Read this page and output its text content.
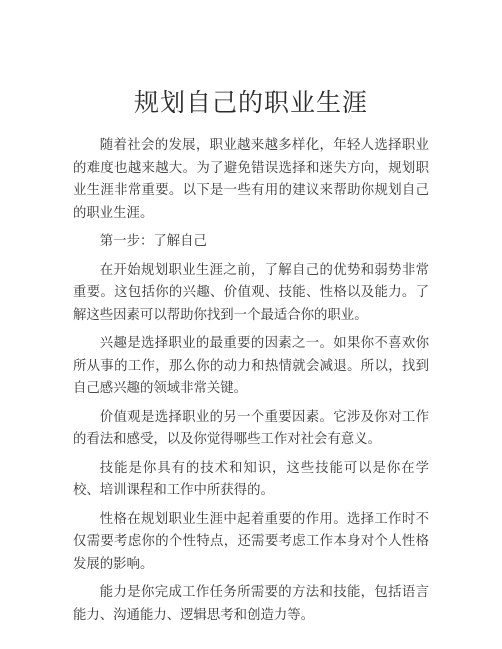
规划自己的职业生涯

随着社会的发展，职业越来越多样化，年轻人选择职业的难度也越来越大。为了避免错误选择和迷失方向，规划职业生涯非常重要。以下是一些有用的建议来帮助你规划自己的职业生涯。

第一步：了解自己

在开始规划职业生涯之前，了解自己的优势和弱势非常重要。这包括你的兴趣、价值观、技能、性格以及能力。了解这些因素可以帮助你找到一个最适合你的职业。

兴趣是选择职业的最重要的因素之一。如果你不喜欢你所从事的工作，那么你的动力和热情就会减退。所以，找到自己感兴趣的领域非常关键。

价值观是选择职业的另一个重要因素。它涉及你对工作的看法和感受，以及你觉得哪些工作对社会有意义。

技能是你具有的技术和知识，这些技能可以是你在学校、培训课程和工作中所获得的。

性格在规划职业生涯中起着重要的作用。选择工作时不仅需要考虑你的个性特点，还需要考虑工作本身对个人性格发展的影响。

能力是你完成工作任务所需要的方法和技能，包括语言能力、沟通能力、逻辑思考和创造力等。
